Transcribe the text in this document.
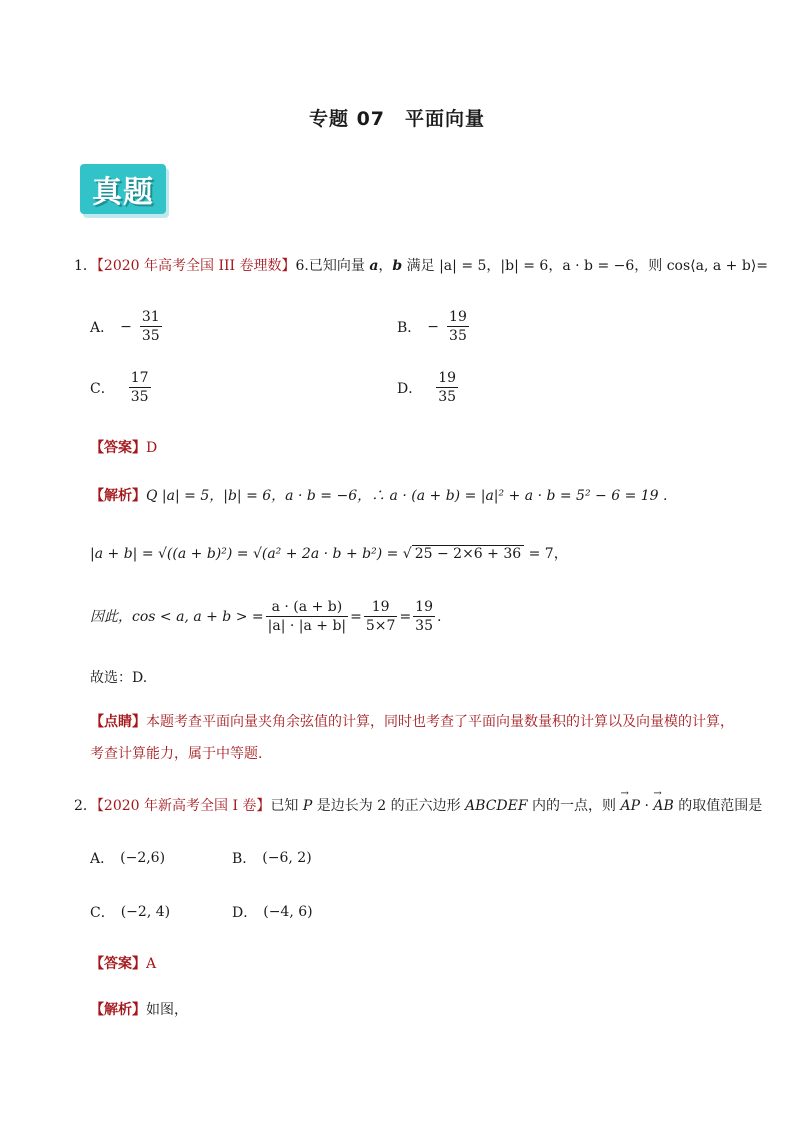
专题 07　平面向量
真题
1．【2020 年高考全国 III 卷理数】6.已知向量 a，b 满足 |a| = 5，|b| = 6，a · b = −6，则 cos⟨a, a + b⟩=
A． − $\frac{31}{35}$	B． − $\frac{19}{35}$
C． $\frac{17}{35}$	D． $\frac{19}{35}$
【答案】D
【解析】Q |a| = 5，|b| = 6，a · b = −6，∴ a · (a + b) = |a|² + a · b = 5² − 6 = 19 .
|a + b| = √((a + b)²) = √(a² + 2a · b + b²) = √ 25 − 2×6 + 36 = 7，
因此，cos < a, a + b > = $\frac{a \cdot (a + b)}{|a| \cdot |a + b|} = \frac{19}{5\times 7} = \frac{19}{35}$ .
故选：D.
【点睛】本题考查平面向量夹角余弦值的计算，同时也考查了平面向量数量积的计算以及向量模的计算，
考查计算能力，属于中等题.
2．【2020 年新高考全国 I 卷】已知 P 是边长为 2 的正六边形 ABCDEF 内的一点，则 → AP · → AB 的取值范围是
A． (−2,6)	B． (−6, 2)
C． (−2, 4)	D． (−4, 6)
【答案】A
【解析】如图，
